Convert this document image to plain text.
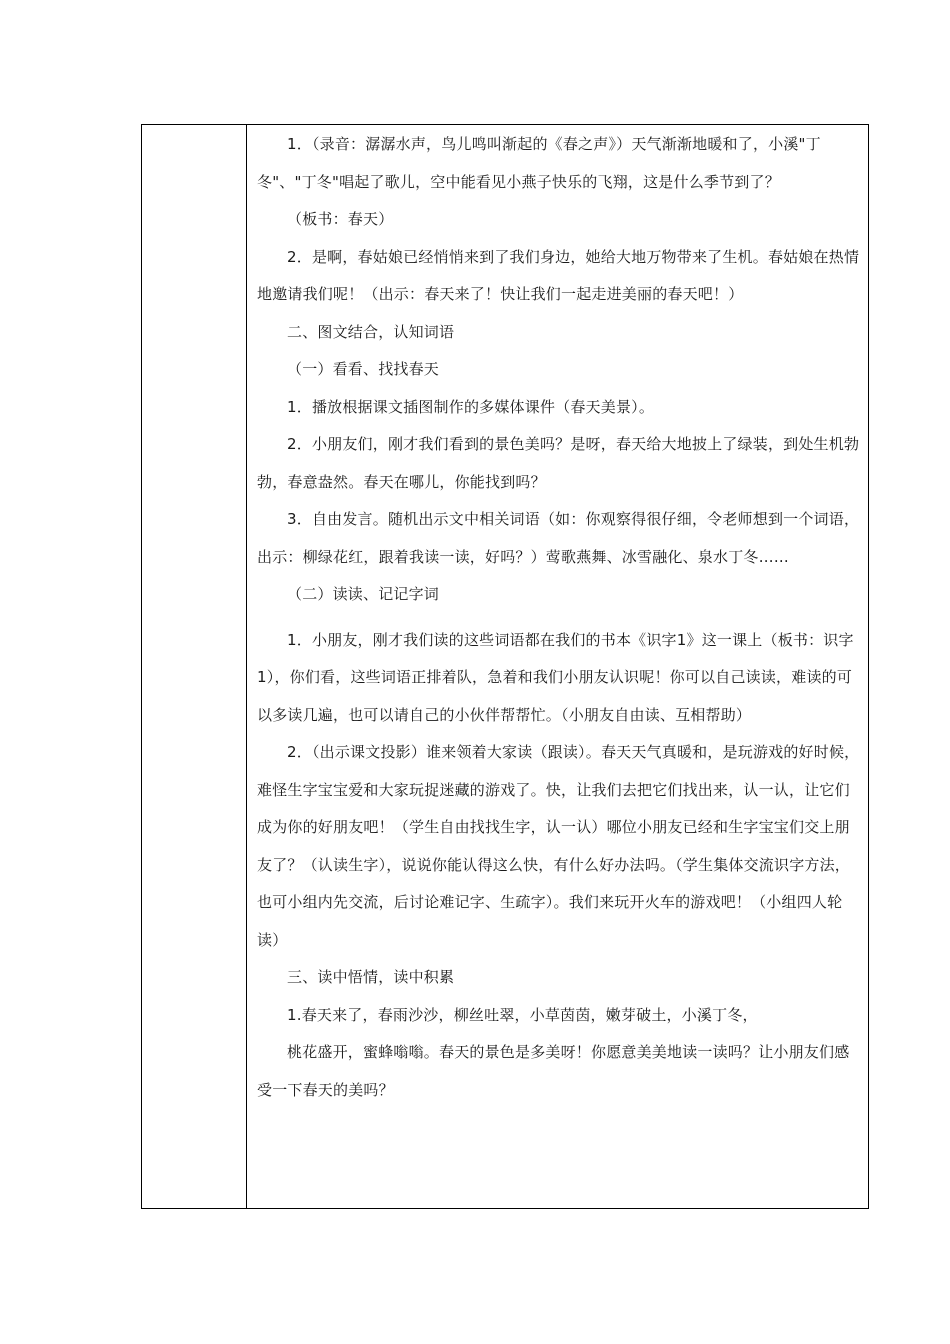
1．（录音：潺潺水声，鸟儿鸣叫渐起的《春之声》）天气渐渐地暖和了，小溪"丁冬"、"丁冬"唱起了歌儿，空中能看见小燕子快乐的飞翔，这是什么季节到了？

（板书：春天）

2．是啊，春姑娘已经悄悄来到了我们身边，她给大地万物带来了生机。春姑娘在热情地邀请我们呢！（出示：春天来了！快让我们一起走进美丽的春天吧！）

二、图文结合，认知词语

（一）看看、找找春天

1．播放根据课文插图制作的多媒体课件（春天美景）。

2．小朋友们，刚才我们看到的景色美吗？是呀，春天给大地披上了绿装，到处生机勃勃，春意盎然。春天在哪儿，你能找到吗？

3．自由发言。随机出示文中相关词语（如：你观察得很仔细，令老师想到一个词语，出示：柳绿花红，跟着我读一读，好吗？）莺歌燕舞、冰雪融化、泉水丁冬……

（二）读读、记记字词

1．小朋友，刚才我们读的这些词语都在我们的书本《识字1》这一课上（板书：识字1），你们看，这些词语正排着队，急着和我们小朋友认识呢！你可以自己读读，难读的可以多读几遍，也可以请自己的小伙伴帮帮忙。（小朋友自由读、互相帮助）

2．（出示课文投影）谁来领着大家读（跟读）。春天天气真暖和，是玩游戏的好时候，难怪生字宝宝爱和大家玩捉迷藏的游戏了。快，让我们去把它们找出来，认一认，让它们成为你的好朋友吧！（学生自由找找生字，认一认）哪位小朋友已经和生字宝宝们交上朋友了？（认读生字），说说你能认得这么快，有什么好办法吗。（学生集体交流识字方法，也可小组内先交流，后讨论难记字、生疏字）。我们来玩开火车的游戏吧！（小组四人轮读）

三、读中悟情，读中积累

1.春天来了，春雨沙沙，柳丝吐翠，小草茵茵，嫩芽破土，小溪丁冬，

桃花盛开，蜜蜂嗡嗡。春天的景色是多美呀！你愿意美美地读一读吗？让小朋友们感受一下春天的美吗？
